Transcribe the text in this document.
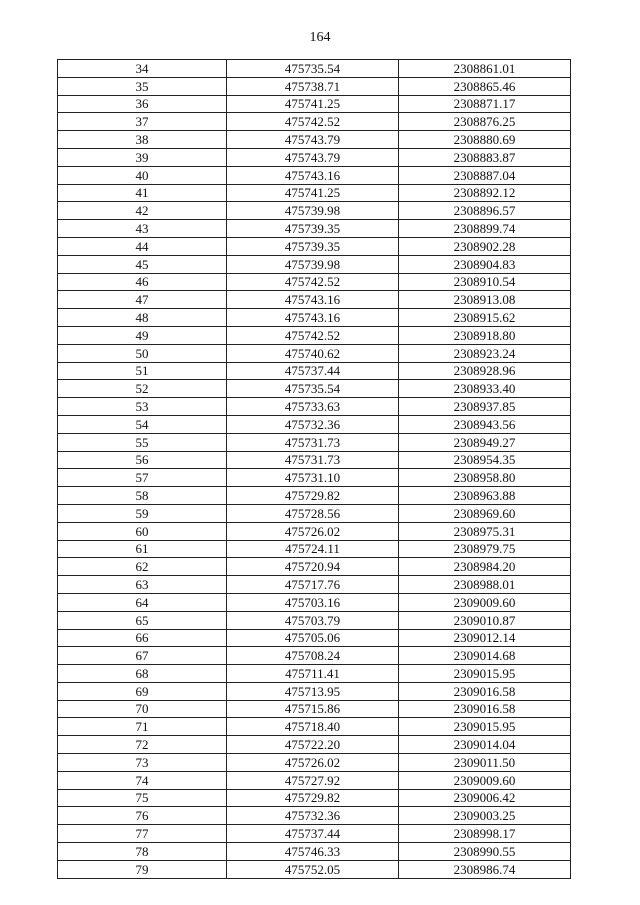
164
34	475735.54	2308861.01
35	475738.71	2308865.46
36	475741.25	2308871.17
37	475742.52	2308876.25
38	475743.79	2308880.69
39	475743.79	2308883.87
40	475743.16	2308887.04
41	475741.25	2308892.12
42	475739.98	2308896.57
43	475739.35	2308899.74
44	475739.35	2308902.28
45	475739.98	2308904.83
46	475742.52	2308910.54
47	475743.16	2308913.08
48	475743.16	2308915.62
49	475742.52	2308918.80
50	475740.62	2308923.24
51	475737.44	2308928.96
52	475735.54	2308933.40
53	475733.63	2308937.85
54	475732.36	2308943.56
55	475731.73	2308949.27
56	475731.73	2308954.35
57	475731.10	2308958.80
58	475729.82	2308963.88
59	475728.56	2308969.60
60	475726.02	2308975.31
61	475724.11	2308979.75
62	475720.94	2308984.20
63	475717.76	2308988.01
64	475703.16	2309009.60
65	475703.79	2309010.87
66	475705.06	2309012.14
67	475708.24	2309014.68
68	475711.41	2309015.95
69	475713.95	2309016.58
70	475715.86	2309016.58
71	475718.40	2309015.95
72	475722.20	2309014.04
73	475726.02	2309011.50
74	475727.92	2309009.60
75	475729.82	2309006.42
76	475732.36	2309003.25
77	475737.44	2308998.17
78	475746.33	2308990.55
79	475752.05	2308986.74
